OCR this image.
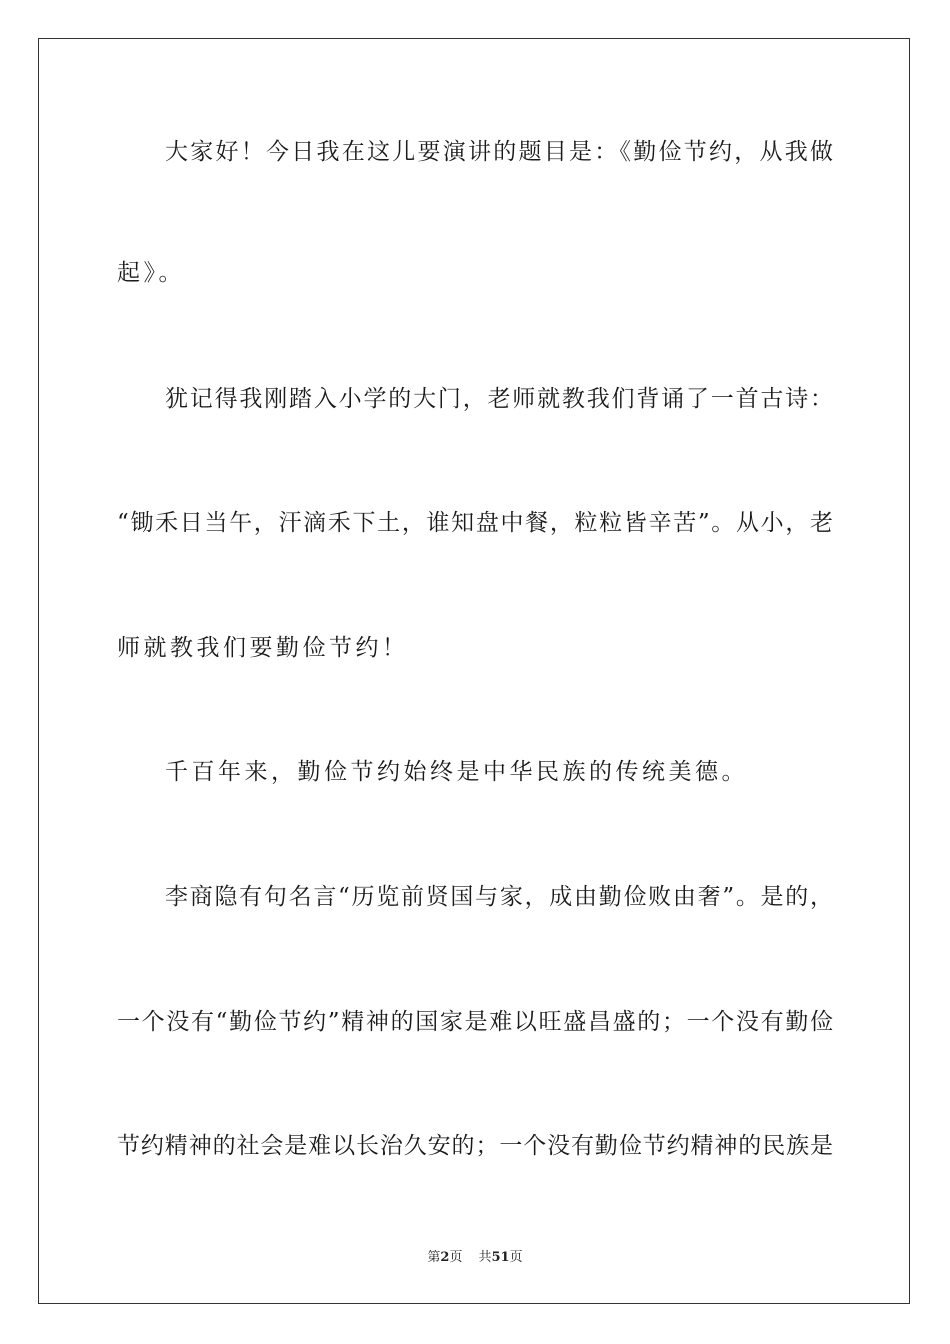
大家好！今日我在这儿要演讲的题目是：《勤俭节约，从我做
起》。
犹记得我刚踏入小学的大门，老师就教我们背诵了一首古诗：
“锄禾日当午，汗滴禾下土，谁知盘中餐，粒粒皆辛苦”。从小，老
师就教我们要勤俭节约！
千百年来，勤俭节约始终是中华民族的传统美德。
李商隐有句名言“历览前贤国与家，成由勤俭败由奢”。是的，
一个没有“勤俭节约”精神的国家是难以旺盛昌盛的；一个没有勤俭
节约精神的社会是难以长治久安的；一个没有勤俭节约精神的民族是
第2页 共51页
